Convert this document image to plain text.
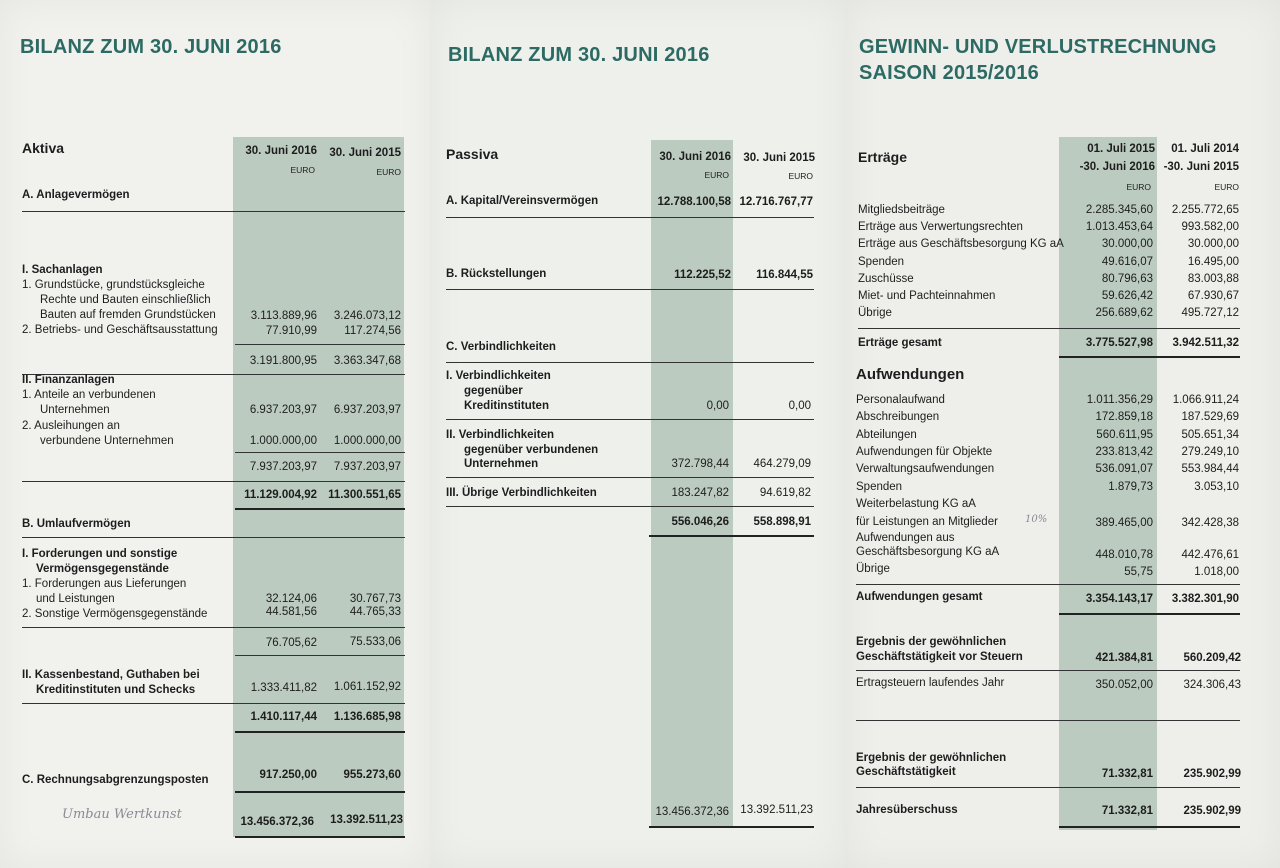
BILANZ ZUM 30. JUNI 2016
Aktiva	30. Juni 2016	30. Juni 2015
EURO	EURO
A. Anlagevermögen
I. Sachanlagen
1. Grundstücke, grundstücksgleiche
Rechte und Bauten einschließlich
Bauten auf fremden Grundstücken	3.113.889,96	3.246.073,12
2. Betriebs- und Geschäftsausstattung	77.910,99	117.274,56
3.191.800,95	3.363.347,68
II. Finanzanlagen
1. Anteile an verbundenen
Unternehmen	6.937.203,97	6.937.203,97
2. Ausleihungen an
verbundene Unternehmen	1.000.000,00	1.000.000,00
7.937.203,97	7.937.203,97
11.129.004,92 11.300.551,65
B. Umlaufvermögen
I. Forderungen und sonstige
Vermögensgegenstände
1. Forderungen aus Lieferungen
und Leistungen	32.124,06	30.767,73
2. Sonstige Vermögensgegenstände	44.581,56	44.765,33
76.705,62	75.533,06
II. Kassenbestand, Guthaben bei
Kreditinstituten und Schecks	1.333.411,82	1.061.152,92
1.410.117,44	1.136.685,98
C. Rechnungsabgrenzungsposten	917.250,00	955.273,60
Umbau Wertkunst	13.456.372,36	13.392.511,23
BILANZ ZUM 30. JUNI 2016
Passiva	30. Juni 2016	30. Juni 2015
EURO	EURO
A. Kapital/Vereinsvermögen	12.788.100,58 12.716.767,77
B. Rückstellungen	112.225,52	116.844,55
C. Verbindlichkeiten
I. Verbindlichkeiten
gegenüber
Kreditinstituten	0,00	0,00
II. Verbindlichkeiten
gegenüber verbundenen
Unternehmen	372.798,44	464.279,09
III. Übrige Verbindlichkeiten	183.247,82	94.619,82
556.046,26	558.898,91
13.456.372,36 13.392.511,23
GEWINN- UND VERLUSTRECHNUNG
SAISON 2015/2016
Erträge	01. Juli 2015
-30. Juni 2016
01. Juli 2014
-30. Juni 2015
EURO	EURO
Mitgliedsbeiträge	2.285.345,60	2.255.772,65
Erträge aus Verwertungsrechten	1.013.453,64	993.582,00
Erträge aus Geschäftsbesorgung KG aA	30.000,00	30.000,00
Spenden	49.616,07	16.495,00
Zuschüsse	80.796,63	83.003,88
Miet- und Pachteinnahmen	59.626,42	67.930,67
Übrige	256.689,62	495.727,12
Erträge gesamt	3.775.527,98	3.942.511,32
Aufwendungen
Personalaufwand	1.011.356,29	1.066.911,24
Abschreibungen	172.859,18	187.529,69
Abteilungen	560.611,95	505.651,34
Aufwendungen für Objekte	233.813,42	279.249,10
Verwaltungsaufwendungen	536.091,07	553.984,44
Spenden	1.879,73	3.053,10
Weiterbelastung KG aA
für Leistungen an Mitglieder	10%	389.465,00	342.428,38
Aufwendungen aus
Geschäftsbesorgung KG aA	448.010,78	442.476,61
Übrige	55,75	1.018,00
Aufwendungen gesamt	3.354.143,17	3.382.301,90
Ergebnis der gewöhnlichen
Geschäftstätigkeit vor Steuern	421.384,81	560.209,42
Ertragsteuern laufendes Jahr	350.052,00	324.306,43
Ergebnis der gewöhnlichen
Geschäftstätigkeit	71.332,81	235.902,99
Jahresüberschuss	71.332,81	235.902,99
